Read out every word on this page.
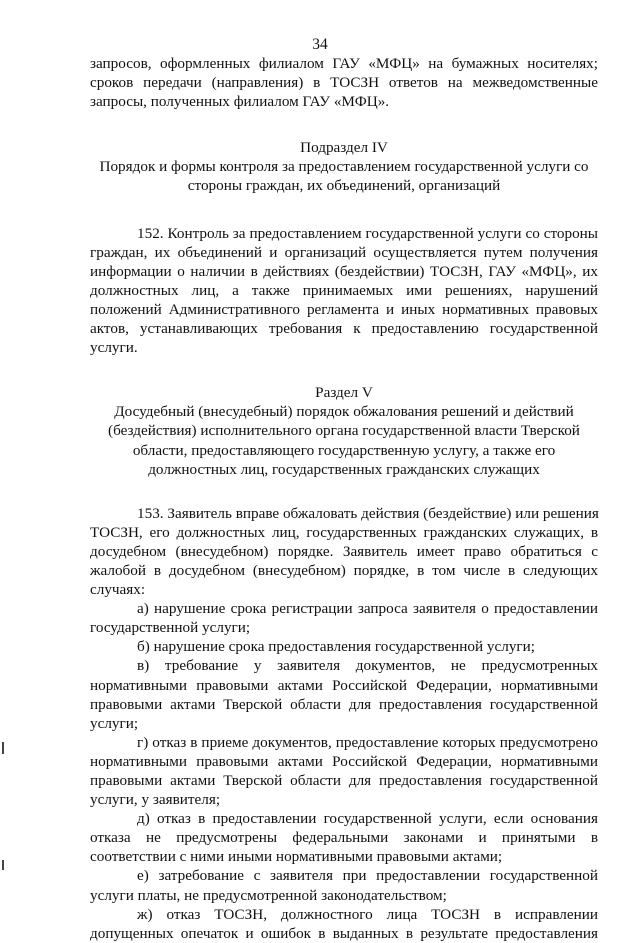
34
запросов, оформленных филиалом ГАУ «МФЦ» на бумажных носителях;
сроков передачи (направления) в ТОСЗН ответов на межведомственные
запросы, полученных филиалом ГАУ «МФЦ».
Подраздел IV
Порядок и формы контроля за предоставлением государственной услуги со
стороны граждан, их объединений, организаций
152. Контроль за предоставлением государственной услуги со стороны
граждан, их объединений и организаций осуществляется путем получения
информации о наличии в действиях (бездействии) ТОСЗН, ГАУ «МФЦ», их
должностных лиц, а также принимаемых ими решениях, нарушений
положений Административного регламента и иных нормативных правовых
актов, устанавливающих требования к предоставлению государственной
услуги.
Раздел V
Досудебный (внесудебный) порядок обжалования решений и действий
(бездействия) исполнительного органа государственной власти Тверской
области, предоставляющего государственную услугу, а также его
должностных лиц, государственных гражданских служащих
153. Заявитель вправе обжаловать действия (бездействие) или решения
ТОСЗН, его должностных лиц, государственных гражданских служащих, в
досудебном (внесудебном) порядке. Заявитель имеет право обратиться с
жалобой в досудебном (внесудебном) порядке, в том числе в следующих
случаях:
а) нарушение срока регистрации запроса заявителя о предоставлении
государственной услуги;
б) нарушение срока предоставления государственной услуги;
в) требование у заявителя документов, не предусмотренных
нормативными правовыми актами Российской Федерации, нормативными
правовыми актами Тверской области для предоставления государственной
услуги;
г) отказ в приеме документов, предоставление которых предусмотрено
нормативными правовыми актами Российской Федерации, нормативными
правовыми актами Тверской области для предоставления государственной
услуги, у заявителя;
д) отказ в предоставлении государственной услуги, если основания
отказа не предусмотрены федеральными законами и принятыми в
соответствии с ними иными нормативными правовыми актами;
е) затребование с заявителя при предоставлении государственной
услуги платы, не предусмотренной законодательством;
ж) отказ ТОСЗН, должностного лица ТОСЗН в исправлении
допущенных опечаток и ошибок в выданных в результате предоставления
